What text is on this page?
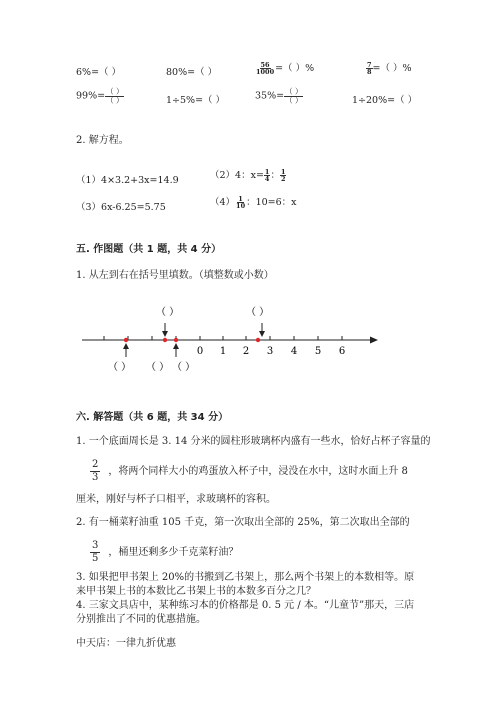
6%=（ ）	80%=（ ）	$\frac{56}{1000}$ =（ ）%	$\frac{7}{8}$ =（ ）%
$99\%= \frac{( )}{( )}$	1÷5%=（ ）	$35\%= \frac{( )}{( )}$	1÷20%=（ ）
2. 解方程。
（1）4×3.2+3x=14.9	（2）4：$x= \frac{1}{4}$ ： $\frac{1}{2}$
（3）6x-6.25=5.75	$(4) \frac{1}{10}$ ：10=6：x
五. 作图题（共 1 题，共 4 分）
1. 从左到右在括号里填数。（填整数或小数）
0 1 2 3 4 5 6
（ ）	（ ）
（ ） （ ） （ ）
六. 解答题（共 6 题，共 34 分）
1. 一个底面周长是 3. 14 分米的圆柱形玻璃杯内盛有一些水，恰好占杯子容量的
$\frac{2}{3}$ ，将两个同样大小的鸡蛋放入杯子中，浸没在水中，这时水面上升 8
厘米，刚好与杯子口相平，求玻璃杯的容积。
2. 有一桶菜籽油重 105 千克，第一次取出全部的 25%，第二次取出全部的
$\frac{3}{5}$ ，桶里还剩多少千克菜籽油？
3. 如果把甲书架上 20%的书搬到乙书架上，那么两个书架上的本数相等。原
来甲书架上书的本数比乙书架上书的本数多百分之几？
4. 三家文具店中，某种练习本的价格都是 0. 5 元 / 本。“儿童节”那天，三店
分别推出了不同的优惠措施。
中天店：一律九折优惠
